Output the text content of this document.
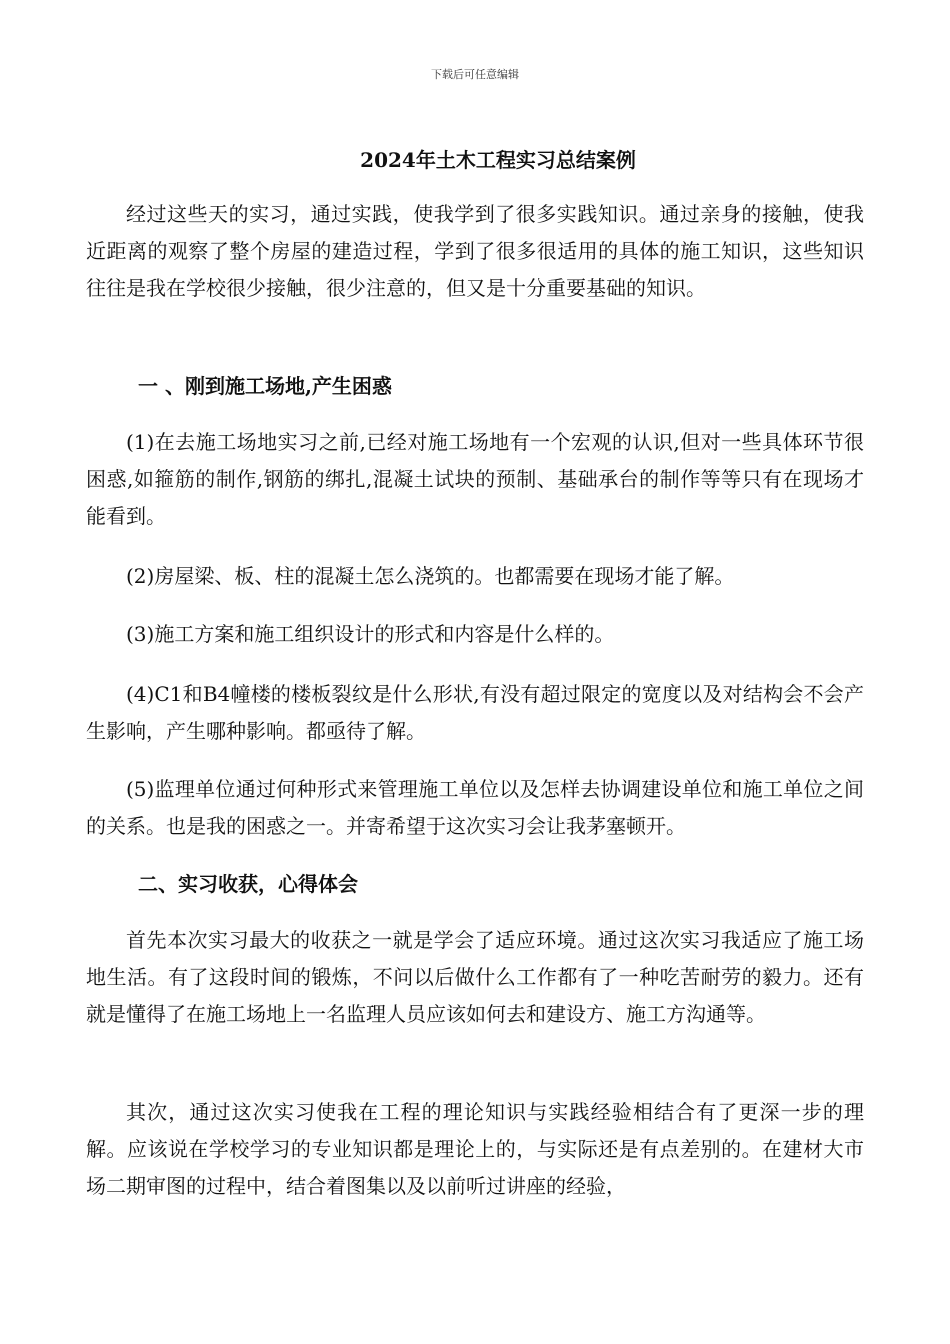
下载后可任意编辑
2024年土木工程实习总结案例

经过这些天的实习，通过实践，使我学到了很多实践知识。通过亲身的接触，使我近距离的观察了整个房屋的建造过程，学到了很多很适用的具体的施工知识，这些知识往往是我在学校很少接触，很少注意的，但又是十分重要基础的知识。

一 、刚到施工场地,产生困惑

(1)在去施工场地实习之前,已经对施工场地有一个宏观的认识,但对一些具体环节很困惑,如箍筋的制作,钢筋的绑扎,混凝土试块的预制、基础承台的制作等等只有在现场才能看到。

(2)房屋梁、板、柱的混凝土怎么浇筑的。也都需要在现场才能了解。

(3)施工方案和施工组织设计的形式和内容是什么样的。

(4)C1和B4幢楼的楼板裂纹是什么形状,有没有超过限定的宽度以及对结构会不会产生影响，产生哪种影响。都亟待了解。

(5)监理单位通过何种形式来管理施工单位以及怎样去协调建设单位和施工单位之间的关系。也是我的困惑之一。并寄希望于这次实习会让我茅塞顿开。

二、实习收获，心得体会

首先本次实习最大的收获之一就是学会了适应环境。通过这次实习我适应了施工场地生活。有了这段时间的锻炼，不问以后做什么工作都有了一种吃苦耐劳的毅力。还有就是懂得了在施工场地上一名监理人员应该如何去和建设方、施工方沟通等。

其次，通过这次实习使我在工程的理论知识与实践经验相结合有了更深一步的理解。应该说在学校学习的专业知识都是理论上的，与实际还是有点差别的。在建材大市场二期审图的过程中，结合着图集以及以前听过讲座的经验，
